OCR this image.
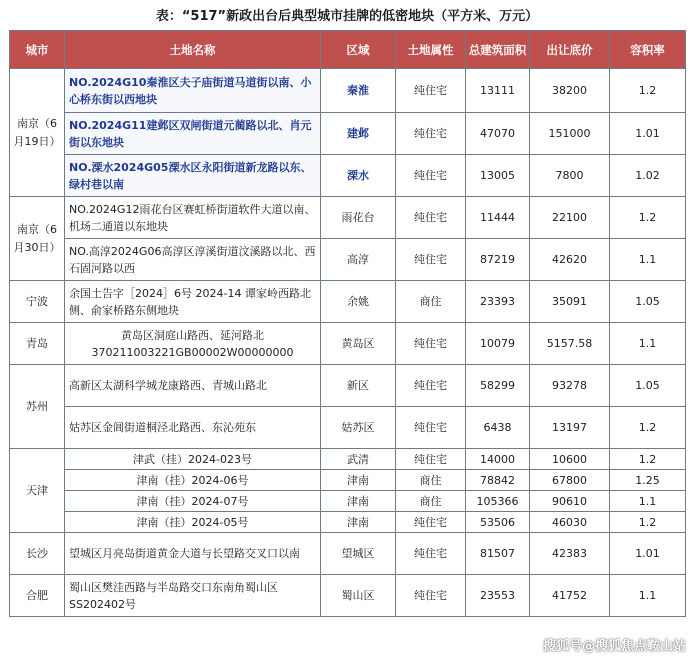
表：“517”新政出台后典型城市挂牌的低密地块（平方米、万元）
城市	土地名称	区域	土地属性	总建筑面积	出让底价	容积率
南京（6月19日）	NO.2024G10秦淮区夫子庙街道马道街以南、小心桥东街以西地块	秦淮	纯住宅	13111	38200	1.2
	NO.2024G11建邺区双闸街道元蔺路以北、肖元街以东地块	建邺	纯住宅	47070	151000	1.01
	NO.溧水2024G05溧水区永阳街道新龙路以东、绿村巷以南	溧水	纯住宅	13005	7800	1.02
南京（6月30日）	NO.2024G12雨花台区赛虹桥街道软件大道以南、机场二通道以东地块	雨花台	纯住宅	11444	22100	1.2
	NO.高淳2024G06高淳区淳溪街道汶溪路以北、西石固河路以西	高淳	纯住宅	87219	42620	1.1
宁波	余国土告字［2024］6号 2024-14 谭家岭西路北侧、俞家桥路东侧地块	余姚	商住	23393	35091	1.05
青岛	黄岛区洞庭山路西、延河路北370211003221GB00002W00000000	黄岛区	纯住宅	10079	5157.58	1.1
苏州	高新区太湖科学城龙康路西、青城山路北	新区	纯住宅	58299	93278	1.05
	姑苏区金阊街道桐泾北路西、东沁苑东	姑苏区	纯住宅	6438	13197	1.2
天津	津武（挂）2024-023号	武清	纯住宅	14000	10600	1.2
	津南（挂）2024-06号	津南	商住	78842	67800	1.25
	津南（挂）2024-07号	津南	商住	105366	90610	1.1
	津南（挂）2024-05号	津南	纯住宅	53506	46030	1.2
长沙	望城区月亮岛街道黄金大道与长望路交叉口以南	望城区	纯住宅	81507	42383	1.01
合肥	蜀山区樊洼西路与半岛路交口东南角蜀山区SS202402号	蜀山区	纯住宅	23553	41752	1.1
搜狐号@搜狐焦点鞍山站
